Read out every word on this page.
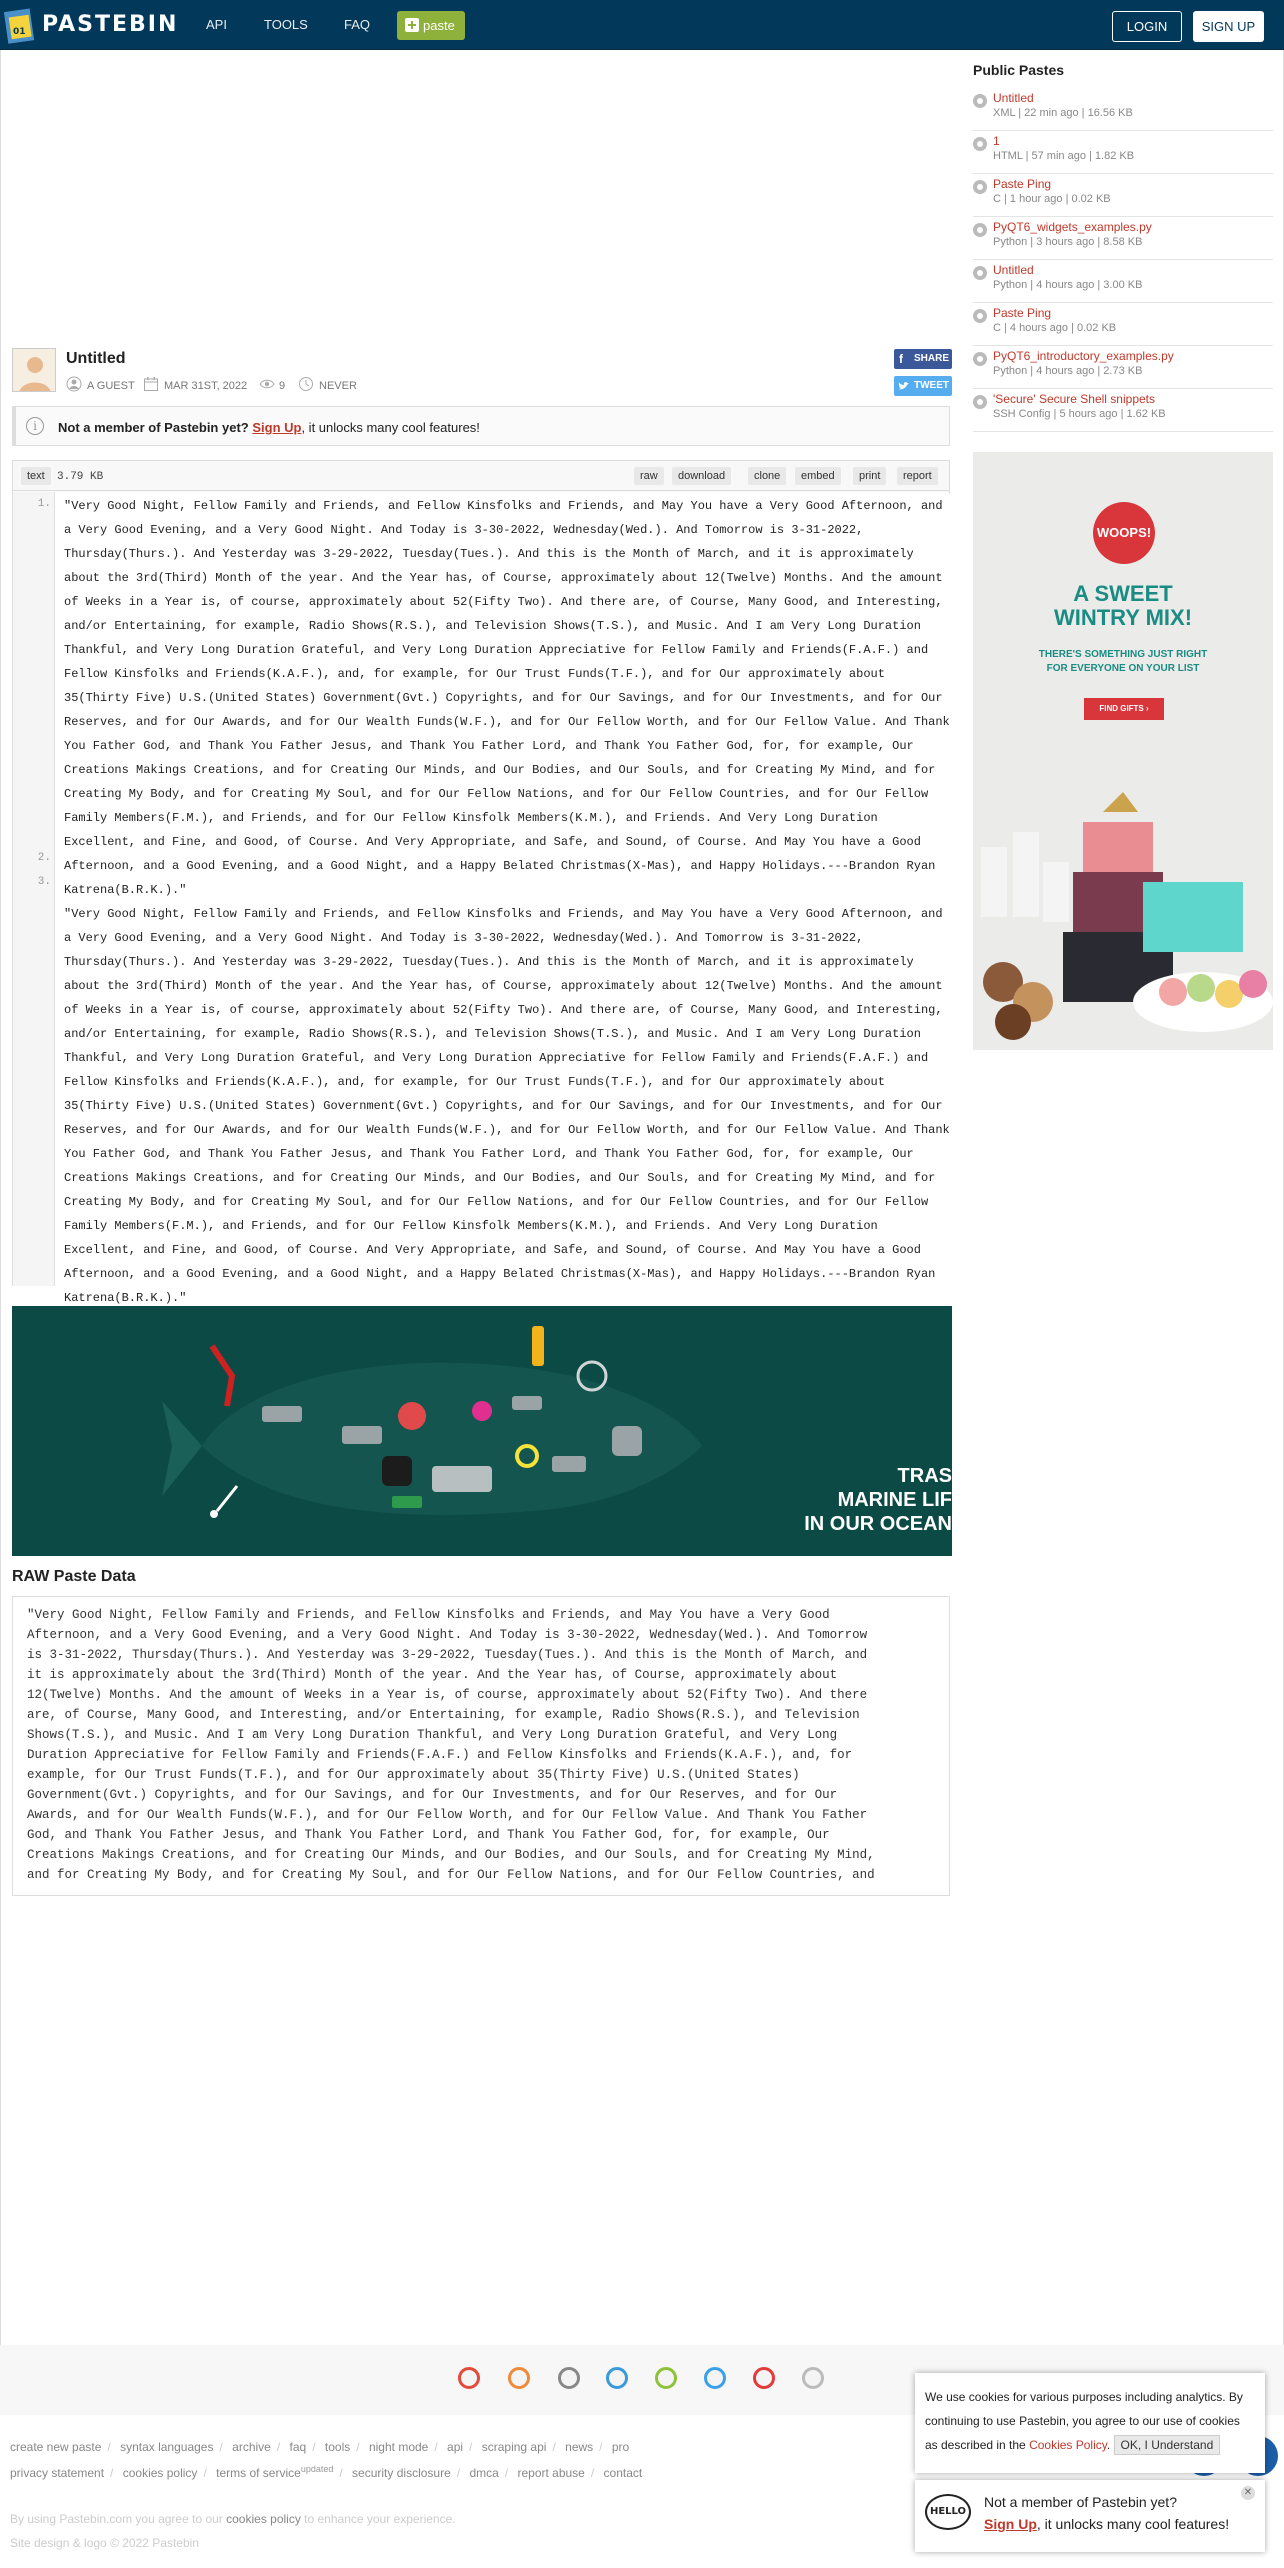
01 PASTEBIN API	TOOLS	FAQ	paste	LOGIN	SIGN UP
Untitled
A GUEST	MAR 31ST, 2022	9	NEVER
f SHARE
TWEET
i	Not a member of Pastebin yet? Sign Up, it unlocks many cool features!
text	3.79 KB	raw	download	clone	embed	print	report
1.
2.
3.
"Very Good Night, Fellow Family and Friends, and Fellow Kinsfolks and Friends, and May You have a Very Good Afternoon, and a Very Good Evening, and a Very Good Night. And Today is 3-30-2022, Wednesday(Wed.). And Tomorrow is 3-31-2022, Thursday(Thurs.). And Yesterday was 3-29-2022, Tuesday(Tues.). And this is the Month of March, and it is approximately about the 3rd(Third) Month of the year. And the Year has, of Course, approximately about 12(Twelve) Months. And the amount of Weeks in a Year is, of course, approximately about 52(Fifty Two). And there are, of Course, Many Good, and Interesting, and/or Entertaining, for example, Radio Shows(R.S.), and Television Shows(T.S.), and Music. And I am Very Long Duration Thankful, and Very Long Duration Grateful, and Very Long Duration Appreciative for Fellow Family and Friends(F.A.F.) and Fellow Kinsfolks and Friends(K.A.F.), and, for example, for Our Trust Funds(T.F.), and for Our approximately about 35(Thirty Five) U.S.(United States) Government(Gvt.) Copyrights, and for Our Savings, and for Our Investments, and for Our Reserves, and for Our Awards, and for Our Wealth Funds(W.F.), and for Our Fellow Worth, and for Our Fellow Value. And Thank You Father God, and Thank You Father Jesus, and Thank You Father Lord, and Thank You Father God, for, for example, Our Creations Makings Creations, and for Creating Our Minds, and Our Bodies, and Our Souls, and for Creating My Mind, and for Creating My Body, and for Creating My Soul, and for Our Fellow Nations, and for Our Fellow Countries, and for Our Fellow Family Members(F.M.), and Friends, and for Our Fellow Kinsfolk Members(K.M.), and Friends. And Very Long Duration Excellent, and Fine, and Good, of Course. And Very Appropriate, and Safe, and Sound, of Course. And May You have a Good Afternoon, and a Good Evening, and a Good Night, and a Happy Belated Christmas(X-Mas), and Happy Holidays.---Brandon Ryan Katrena(B.R.K.)."
"Very Good Night, Fellow Family and Friends, and Fellow Kinsfolks and Friends, and May You have a Very Good Afternoon, and a Very Good Evening, and a Very Good Night. And Today is 3-30-2022, Wednesday(Wed.). And Tomorrow is 3-31-2022, Thursday(Thurs.). And Yesterday was 3-29-2022, Tuesday(Tues.). And this is the Month of March, and it is approximately about the 3rd(Third) Month of the year. And the Year has, of Course, approximately about 12(Twelve) Months. And the amount of Weeks in a Year is, of course, approximately about 52(Fifty Two). And there are, of Course, Many Good, and Interesting, and/or Entertaining, for example, Radio Shows(R.S.), and Television Shows(T.S.), and Music. And I am Very Long Duration Thankful, and Very Long Duration Grateful, and Very Long Duration Appreciative for Fellow Family and Friends(F.A.F.) and Fellow Kinsfolks and Friends(K.A.F.), and, for example, for Our Trust Funds(T.F.), and for Our approximately about 35(Thirty Five) U.S.(United States) Government(Gvt.) Copyrights, and for Our Savings, and for Our Investments, and for Our Reserves, and for Our Awards, and for Our Wealth Funds(W.F.), and for Our Fellow Worth, and for Our Fellow Value. And Thank You Father God, and Thank You Father Jesus, and Thank You Father Lord, and Thank You Father God, for, for example, Our Creations Makings Creations, and for Creating Our Minds, and Our Bodies, and Our Souls, and for Creating My Mind, and for Creating My Body, and for Creating My Soul, and for Our Fellow Nations, and for Our Fellow Countries, and for Our Fellow Family Members(F.M.), and Friends, and for Our Fellow Kinsfolk Members(K.M.), and Friends. And Very Long Duration Excellent, and Fine, and Good, of Course. And Very Appropriate, and Safe, and Sound, of Course. And May You have a Good Afternoon, and a Good Evening, and a Good Night, and a Happy Belated Christmas(X-Mas), and Happy Holidays.---Brandon Ryan Katrena(B.R.K.)."
TRAS
MARINE LIF
IN OUR OCEAN
RAW Paste Data
"Very Good Night, Fellow Family and Friends, and Fellow Kinsfolks and Friends, and May You have a Very Good
Afternoon, and a Very Good Evening, and a Very Good Night. And Today is 3-30-2022, Wednesday(Wed.). And Tomorrow
is 3-31-2022, Thursday(Thurs.). And Yesterday was 3-29-2022, Tuesday(Tues.). And this is the Month of March, and
it is approximately about the 3rd(Third) Month of the year. And the Year has, of Course, approximately about
12(Twelve) Months. And the amount of Weeks in a Year is, of course, approximately about 52(Fifty Two). And there
are, of Course, Many Good, and Interesting, and/or Entertaining, for example, Radio Shows(R.S.), and Television
Shows(T.S.), and Music. And I am Very Long Duration Thankful, and Very Long Duration Grateful, and Very Long
Duration Appreciative for Fellow Family and Friends(F.A.F.) and Fellow Kinsfolks and Friends(K.A.F.), and, for
example, for Our Trust Funds(T.F.), and for Our approximately about 35(Thirty Five) U.S.(United States)
Government(Gvt.) Copyrights, and for Our Savings, and for Our Investments, and for Our Reserves, and for Our
Awards, and for Our Wealth Funds(W.F.), and for Our Fellow Worth, and for Our Fellow Value. And Thank You Father
God, and Thank You Father Jesus, and Thank You Father Lord, and Thank You Father God, for, for example, Our
Creations Makings Creations, and for Creating Our Minds, and Our Bodies, and Our Souls, and for Creating My Mind,
and for Creating My Body, and for Creating My Soul, and for Our Fellow Nations, and for Our Fellow Countries, and
Public Pastes
Untitled
XML | 22 min ago | 16.56 KB
1
HTML | 57 min ago | 1.82 KB
Paste Ping
C | 1 hour ago | 0.02 KB
PyQT6_widgets_examples.py
Python | 3 hours ago | 8.58 KB
Untitled
Python | 4 hours ago | 3.00 KB
Paste Ping
C | 4 hours ago | 0.02 KB
PyQT6_introductory_examples.py
Python | 4 hours ago | 2.73 KB
'Secure' Secure Shell snippets
SSH Config | 5 hours ago | 1.62 KB
WOOPS!
A SWEET
WINTRY MIX!
THERE'S SOMETHING JUST RIGHT
FOR EVERYONE ON YOUR LIST
FIND GIFTS ›
create new paste / syntax languages / archive / faq / tools / night mode / api / scraping api / news / pro
privacy statement / cookies policy / terms of service$^{updated}$ / security disclosure / dmca / report abuse / contact
By using Pastebin.com you agree to our cookies policy to enhance your experience.
Site design & logo © 2022 Pastebin
We use cookies for various purposes including analytics. By
continuing to use Pastebin, you agree to our use of cookies
as described in the Cookies Policy. OK, I Understand
HELLO
Not a member of Pastebin yet?
Sign Up, it unlocks many cool features!
✕
